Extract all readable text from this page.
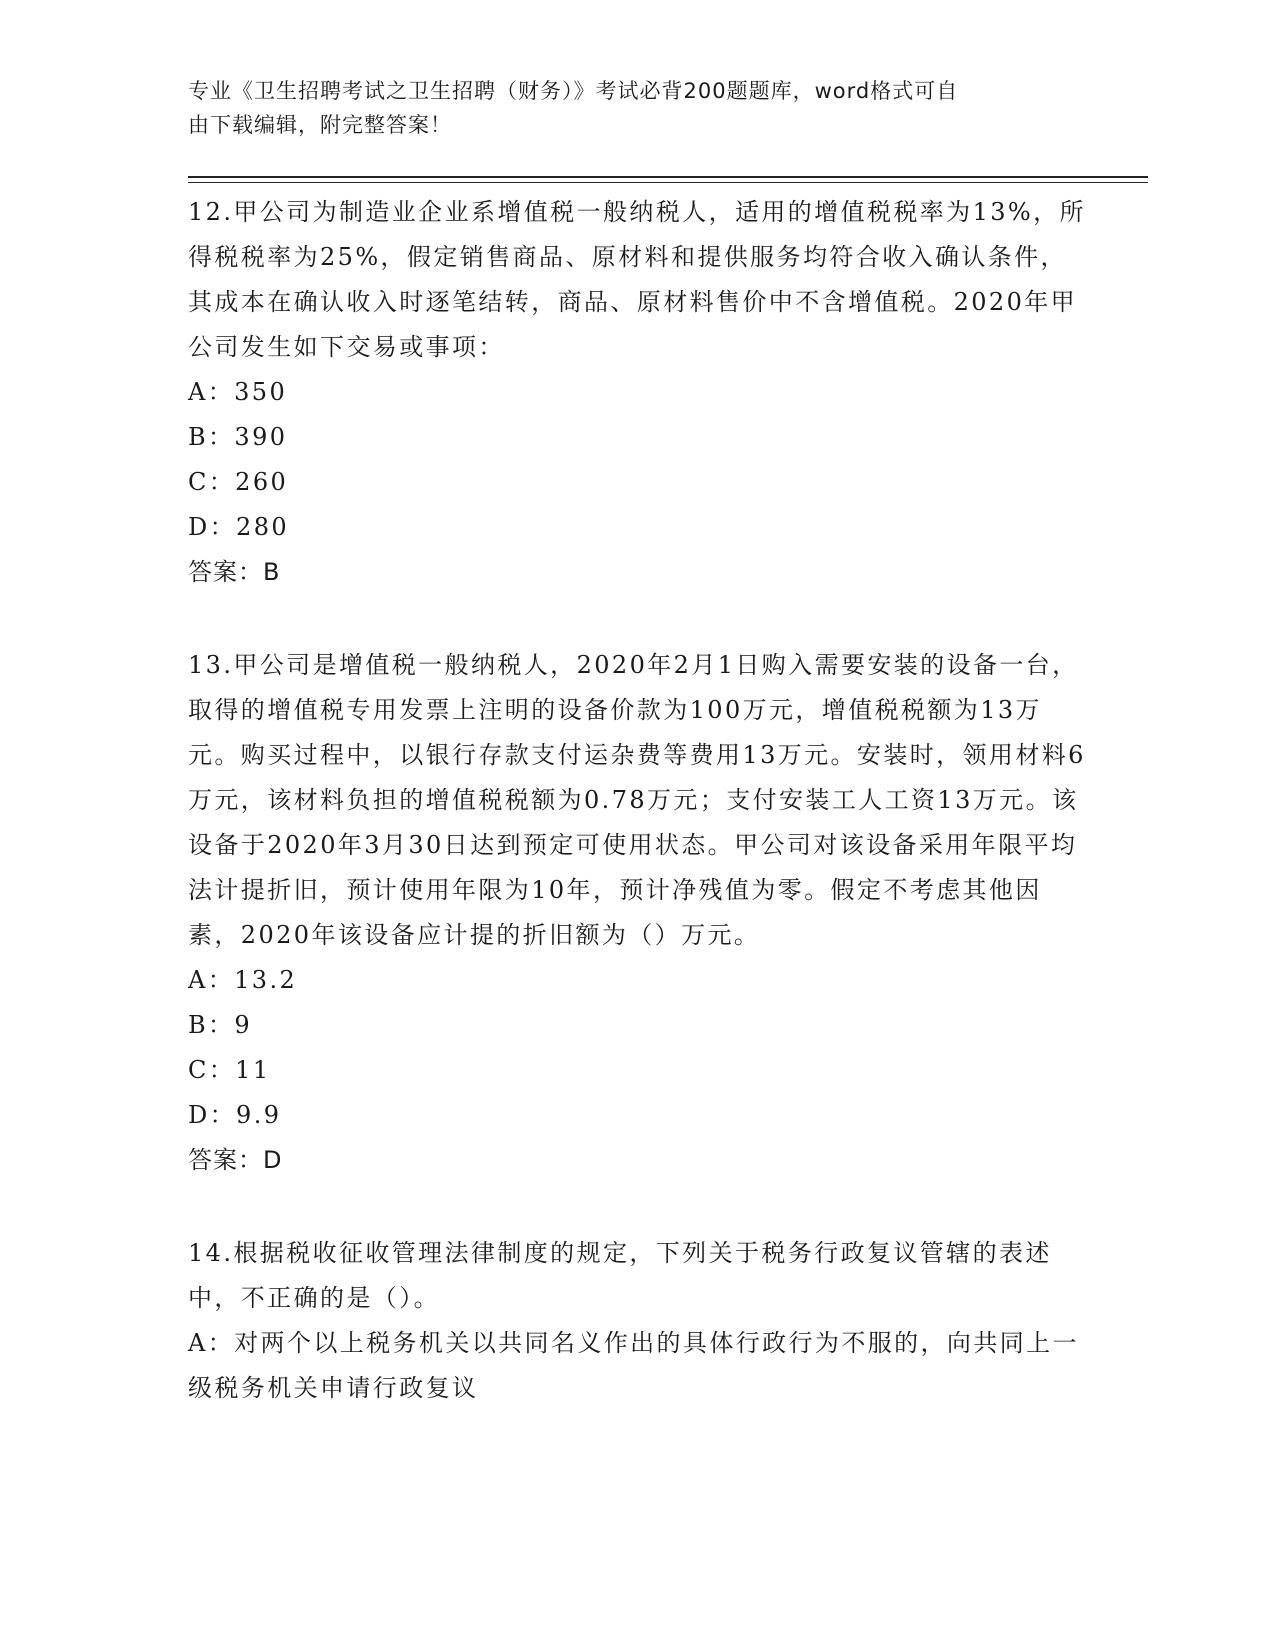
专业《卫生招聘考试之卫生招聘（财务）》考试必背200题题库，word格式可自
由下载编辑，附完整答案！

12.甲公司为制造业企业系增值税一般纳税人，适用的增值税税率为13%，所得税税率为25%，假定销售商品、原材料和提供服务均符合收入确认条件，其成本在确认收入时逐笔结转，商品、原材料售价中不含增值税。2020年甲公司发生如下交易或事项：

A：350

B：390

C：260

D：280

答案：B

13.甲公司是增值税一般纳税人，2020年2月1日购入需要安装的设备一台，取得的增值税专用发票上注明的设备价款为100万元，增值税税额为13万元。购买过程中，以银行存款支付运杂费等费用13万元。安装时，领用材料6万元，该材料负担的增值税税额为0.78万元；支付安装工人工资13万元。该设备于2020年3月30日达到预定可使用状态。甲公司对该设备采用年限平均法计提折旧，预计使用年限为10年，预计净残值为零。假定不考虑其他因素，2020年该设备应计提的折旧额为（）万元。

A：13.2

B：9

C：11

D：9.9

答案：D

14.根据税收征收管理法律制度的规定，下列关于税务行政复议管辖的表述中，不正确的是（）。

A：对两个以上税务机关以共同名义作出的具体行政行为不服的，向共同上一级税务机关申请行政复议
